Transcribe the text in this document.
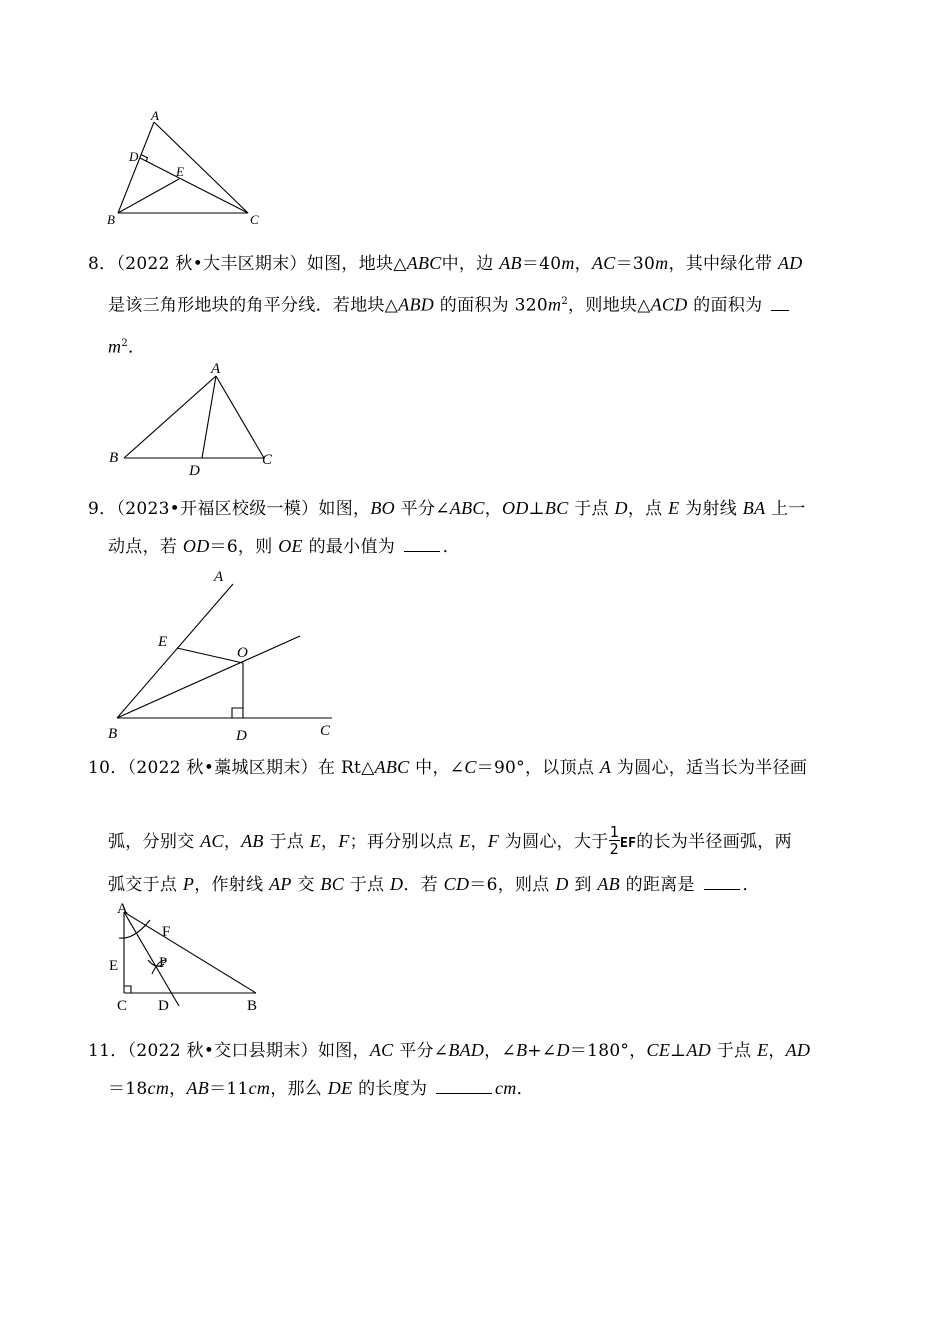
A
D
E
B	C
8．（2022 秋•大丰区期末）如图，地块△ABC中，边 AB＝40m，AC＝30m，其中绿化带 AD
是该三角形地块的角平分线．若地块△ABD 的面积为 $320m^2$，则地块△ACD 的面积为
$m^2$．
A
B
D
C
9．（2023•开福区校级一模）如图，BO 平分∠ABC，OD⊥BC 于点 D，点 E 为射线 BA 上一
动点，若 OD＝6，则 OE 的最小值为 ．
A
E
O
B	D	C
10．（2022 秋•藁城区期末）在 Rt△ABC 中，∠C＝90°，以顶点 A 为圆心，适当长为半径画
弧，分别交 AC，AB 于点 E，F；再分别以点 E，F 为圆心，大于 $\frac{1}{2}$ EF 的长为半径画弧，两
弧交于点 P，作射线 AP 交 BC 于点 D．若 CD＝6，则点 D 到 AB 的距离是 ．
A
F
E	P
C D	B
11．（2022 秋•交口县期末）如图，AC 平分∠BAD，∠B+∠D＝180°，CE⊥AD 于点 E，AD
＝18cm，AB＝11cm，那么 DE 的长度为	cm．
